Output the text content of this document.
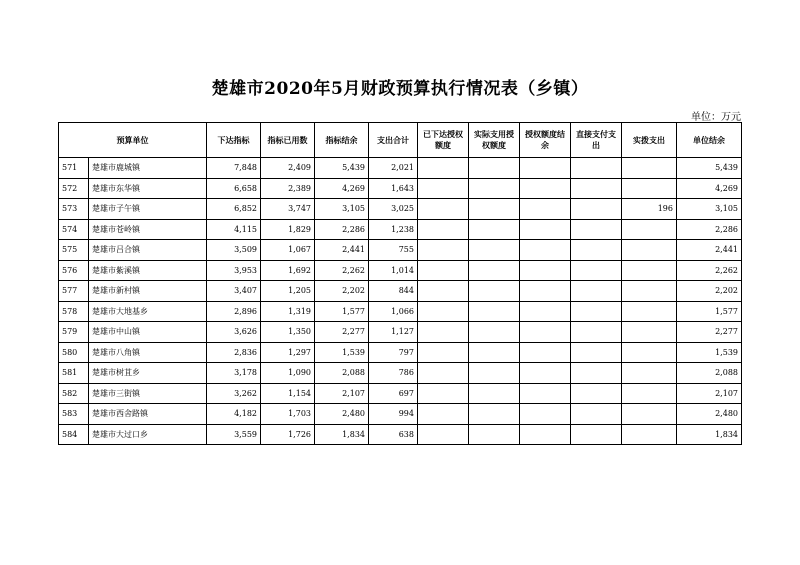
楚雄市2020年5月财政预算执行情况表（乡镇）
单位：万元
预算单位		下达指标	指标已用数	指标结余	支出合计	已下达授权额度	实际支用授权额度	授权额度结余	直接支付支出	实拨支出	单位结余
571	楚雄市鹿城镇	7,848	2,409	5,439	2,021						5,439
572	楚雄市东华镇	6,658	2,389	4,269	1,643						4,269
573	楚雄市子午镇	6,852	3,747	3,105	3,025					196	3,105
574	楚雄市苍岭镇	4,115	1,829	2,286	1,238						2,286
575	楚雄市吕合镇	3,509	1,067	2,441	755						2,441
576	楚雄市紫溪镇	3,953	1,692	2,262	1,014						2,262
577	楚雄市新村镇	3,407	1,205	2,202	844						2,202
578	楚雄市大地基乡	2,896	1,319	1,577	1,066						1,577
579	楚雄市中山镇	3,626	1,350	2,277	1,127						2,277
580	楚雄市八角镇	2,836	1,297	1,539	797						1,539
581	楚雄市树苴乡	3,178	1,090	2,088	786						2,088
582	楚雄市三街镇	3,262	1,154	2,107	697						2,107
583	楚雄市西舍路镇	4,182	1,703	2,480	994						2,480
584	楚雄市大过口乡	3,559	1,726	1,834	638						1,834
